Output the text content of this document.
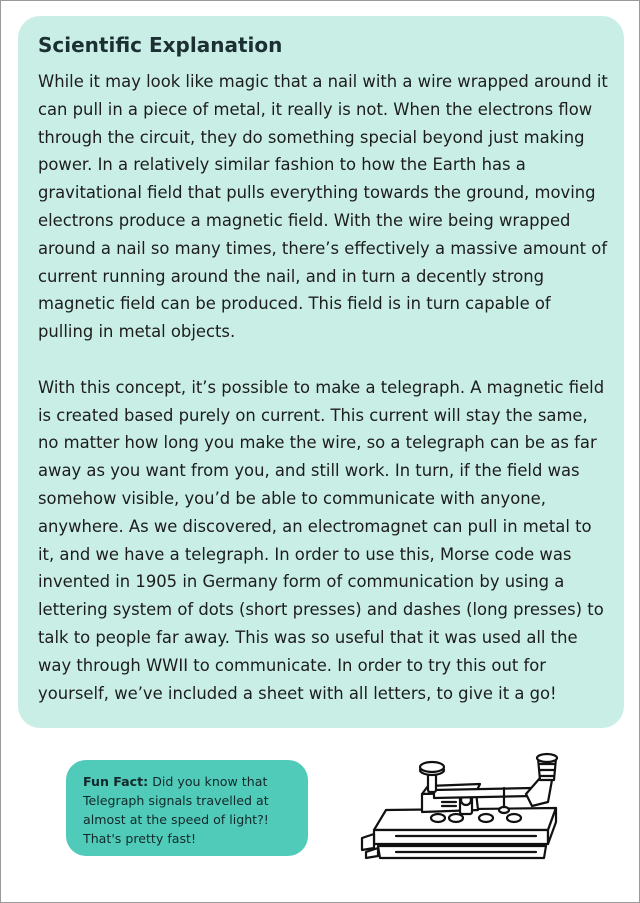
Scientific Explanation

While it may look like magic that a nail with a wire wrapped around it can pull in a piece of metal, it really is not. When the electrons flow through the circuit, they do something special beyond just making power. In a relatively similar fashion to how the Earth has a gravitational field that pulls everything towards the ground, moving electrons produce a magnetic field. With the wire being wrapped around a nail so many times, there’s effectively a massive amount of current running around the nail, and in turn a decently strong magnetic field can be produced. This field is in turn capable of pulling in metal objects.

With this concept, it’s possible to make a telegraph. A magnetic field is created based purely on current. This current will stay the same, no matter how long you make the wire, so a telegraph can be as far away as you want from you, and still work. In turn, if the field was somehow visible, you’d be able to communicate with anyone, anywhere. As we discovered, an electromagnet can pull in metal to it, and we have a telegraph. In order to use this, Morse code was invented in 1905 in Germany form of communication by using a lettering system of dots (short presses) and dashes (long presses) to talk to people far away. This was so useful that it was used all the way through WWII to communicate. In order to try this out for yourself, we’ve included a sheet with all letters, to give it a go!

Fun Fact: Did you know that Telegraph signals travelled at almost at the speed of light?! That's pretty fast!
